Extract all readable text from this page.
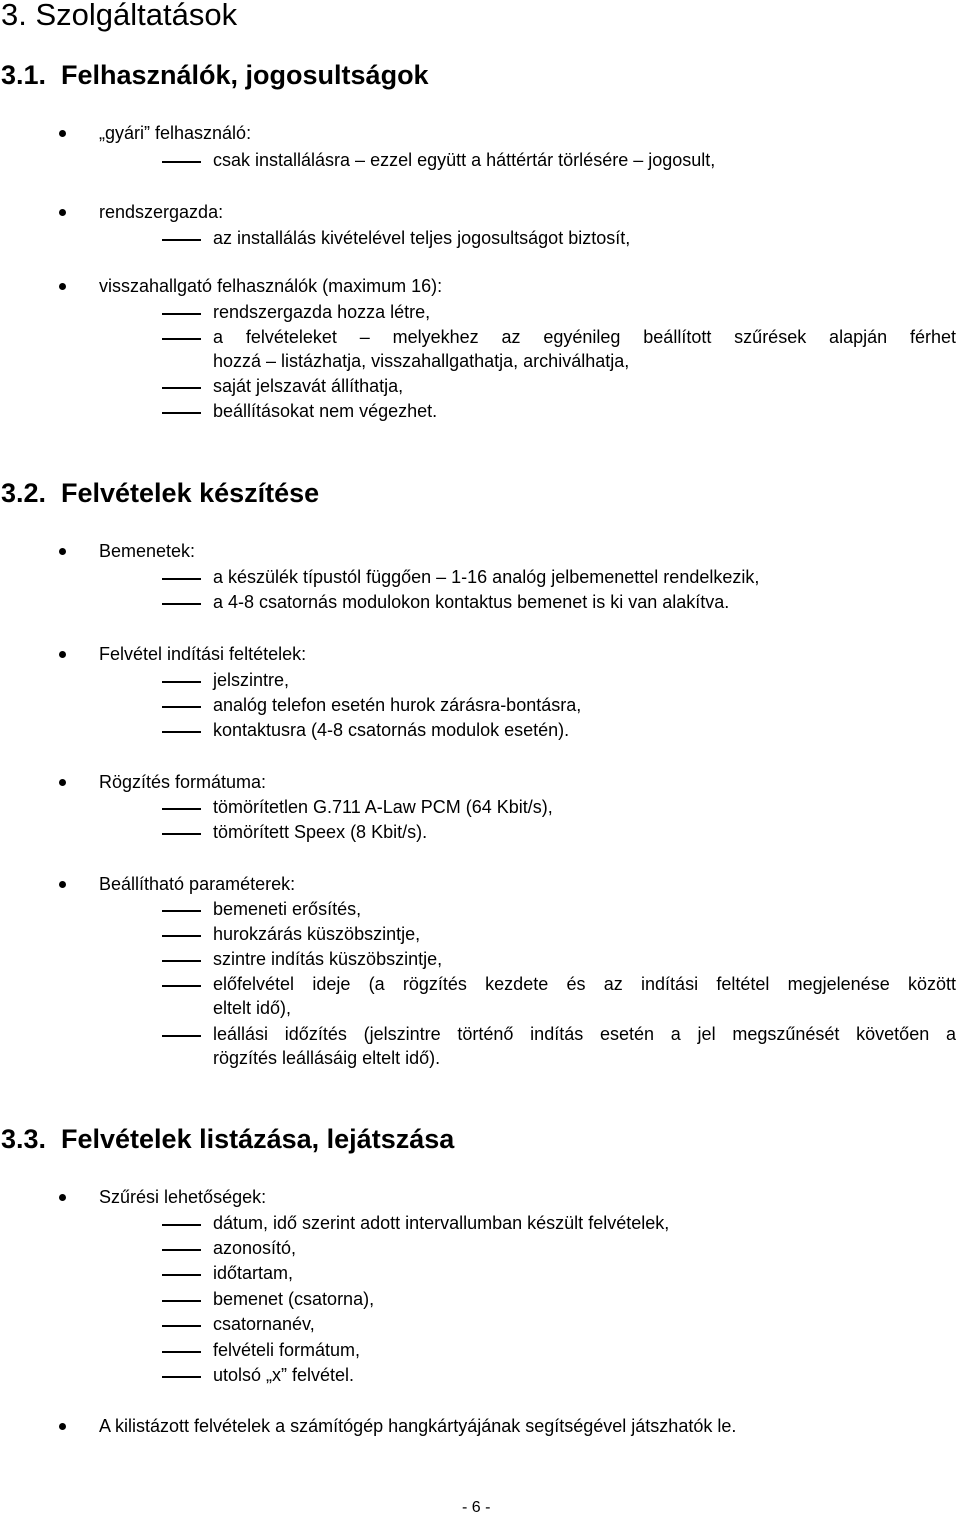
3. Szolgáltatások
3.1. Felhasználók, jogosultságok
„gyári” felhasználó:
csak installálásra – ezzel együtt a háttértár törlésére – jogosult,
rendszergazda:
az installálás kivételével teljes jogosultságot biztosít,
visszahallgató felhasználók (maximum 16):
rendszergazda hozza létre,
a felvételeket – melyekhez az egyénileg beállított szűrések alapján férhet
hozzá – listázhatja, visszahallgathatja, archiválhatja,
saját jelszavát állíthatja,
beállításokat nem végezhet.
3.2. Felvételek készítése
Bemenetek:
a készülék típustól függően – 1-16 analóg jelbemenettel rendelkezik,
a 4-8 csatornás modulokon kontaktus bemenet is ki van alakítva.
Felvétel indítási feltételek:
jelszintre,
analóg telefon esetén hurok zárásra-bontásra,
kontaktusra (4-8 csatornás modulok esetén).
Rögzítés formátuma:
tömörítetlen G.711 A-Law PCM (64 Kbit/s),
tömörített Speex (8 Kbit/s).
Beállítható paraméterek:
bemeneti erősítés,
hurokzárás küszöbszintje,
szintre indítás küszöbszintje,
előfelvétel ideje (a rögzítés kezdete és az indítási feltétel megjelenése között
eltelt idő),
leállási időzítés (jelszintre történő indítás esetén a jel megszűnését követően a
rögzítés leállásáig eltelt idő).
3.3. Felvételek listázása, lejátszása
Szűrési lehetőségek:
dátum, idő szerint adott intervallumban készült felvételek,
azonosító,
időtartam,
bemenet (csatorna),
csatornanév,
felvételi formátum,
utolsó „x” felvétel.
A kilistázott felvételek a számítógép hangkártyájának segítségével játszhatók le.
- 6 -
